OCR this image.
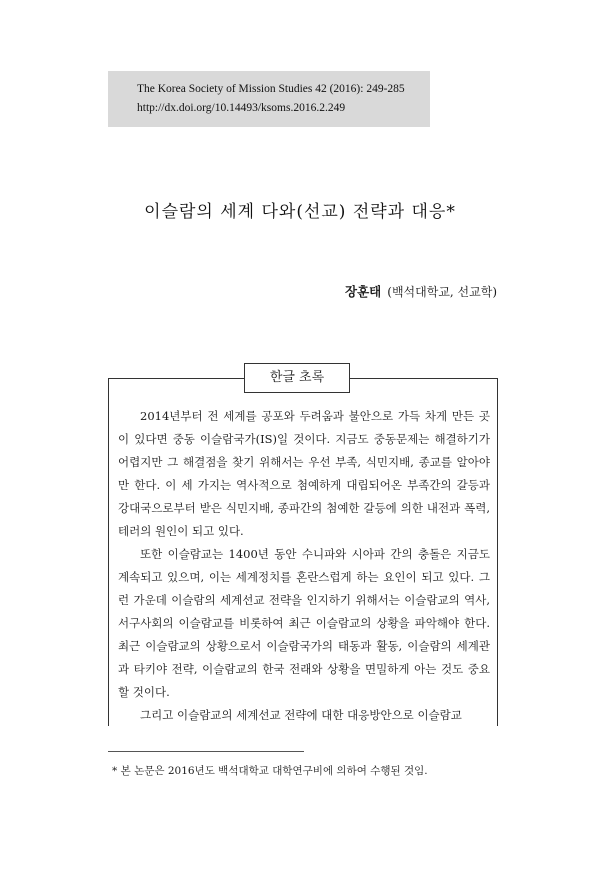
The Korea Society of Mission Studies 42 (2016): 249-285
http://dx.doi.org/10.14493/ksoms.2016.2.249
이슬람의 세계 다와(선교) 전략과 대응*
장훈태 (백석대학교, 선교학)
한글 초록

2014년부터 전 세계를 공포와 두려움과 불안으로 가득 차게 만든 곳이 있다면 중동 이슬람국가(IS)일 것이다. 지금도 중동문제는 해결하기가 어렵지만 그 해결점을 찾기 위해서는 우선 부족, 식민지배, 종교를 알아야만 한다. 이 세 가지는 역사적으로 첨예하게 대립되어온 부족간의 갈등과 강대국으로부터 받은 식민지배, 종파간의 첨예한 갈등에 의한 내전과 폭력, 테러의 원인이 되고 있다.

또한 이슬람교는 1400년 동안 수니파와 시아파 간의 충돌은 지금도 계속되고 있으며, 이는 세계정치를 혼란스럽게 하는 요인이 되고 있다. 그런 가운데 이슬람의 세계선교 전략을 인지하기 위해서는 이슬람교의 역사, 서구사회의 이슬람교를 비롯하여 최근 이슬람교의 상황을 파악해야 한다. 최근 이슬람교의 상황으로서 이슬람국가의 태동과 활동, 이슬람의 세계관과 타키야 전략, 이슬람교의 한국 전래와 상황을 면밀하게 아는 것도 중요할 것이다.

그리고 이슬람교의 세계선교 전략에 대한 대응방안으로 이슬람교

* 본 논문은 2016년도 백석대학교 대학연구비에 의하여 수행된 것임.
